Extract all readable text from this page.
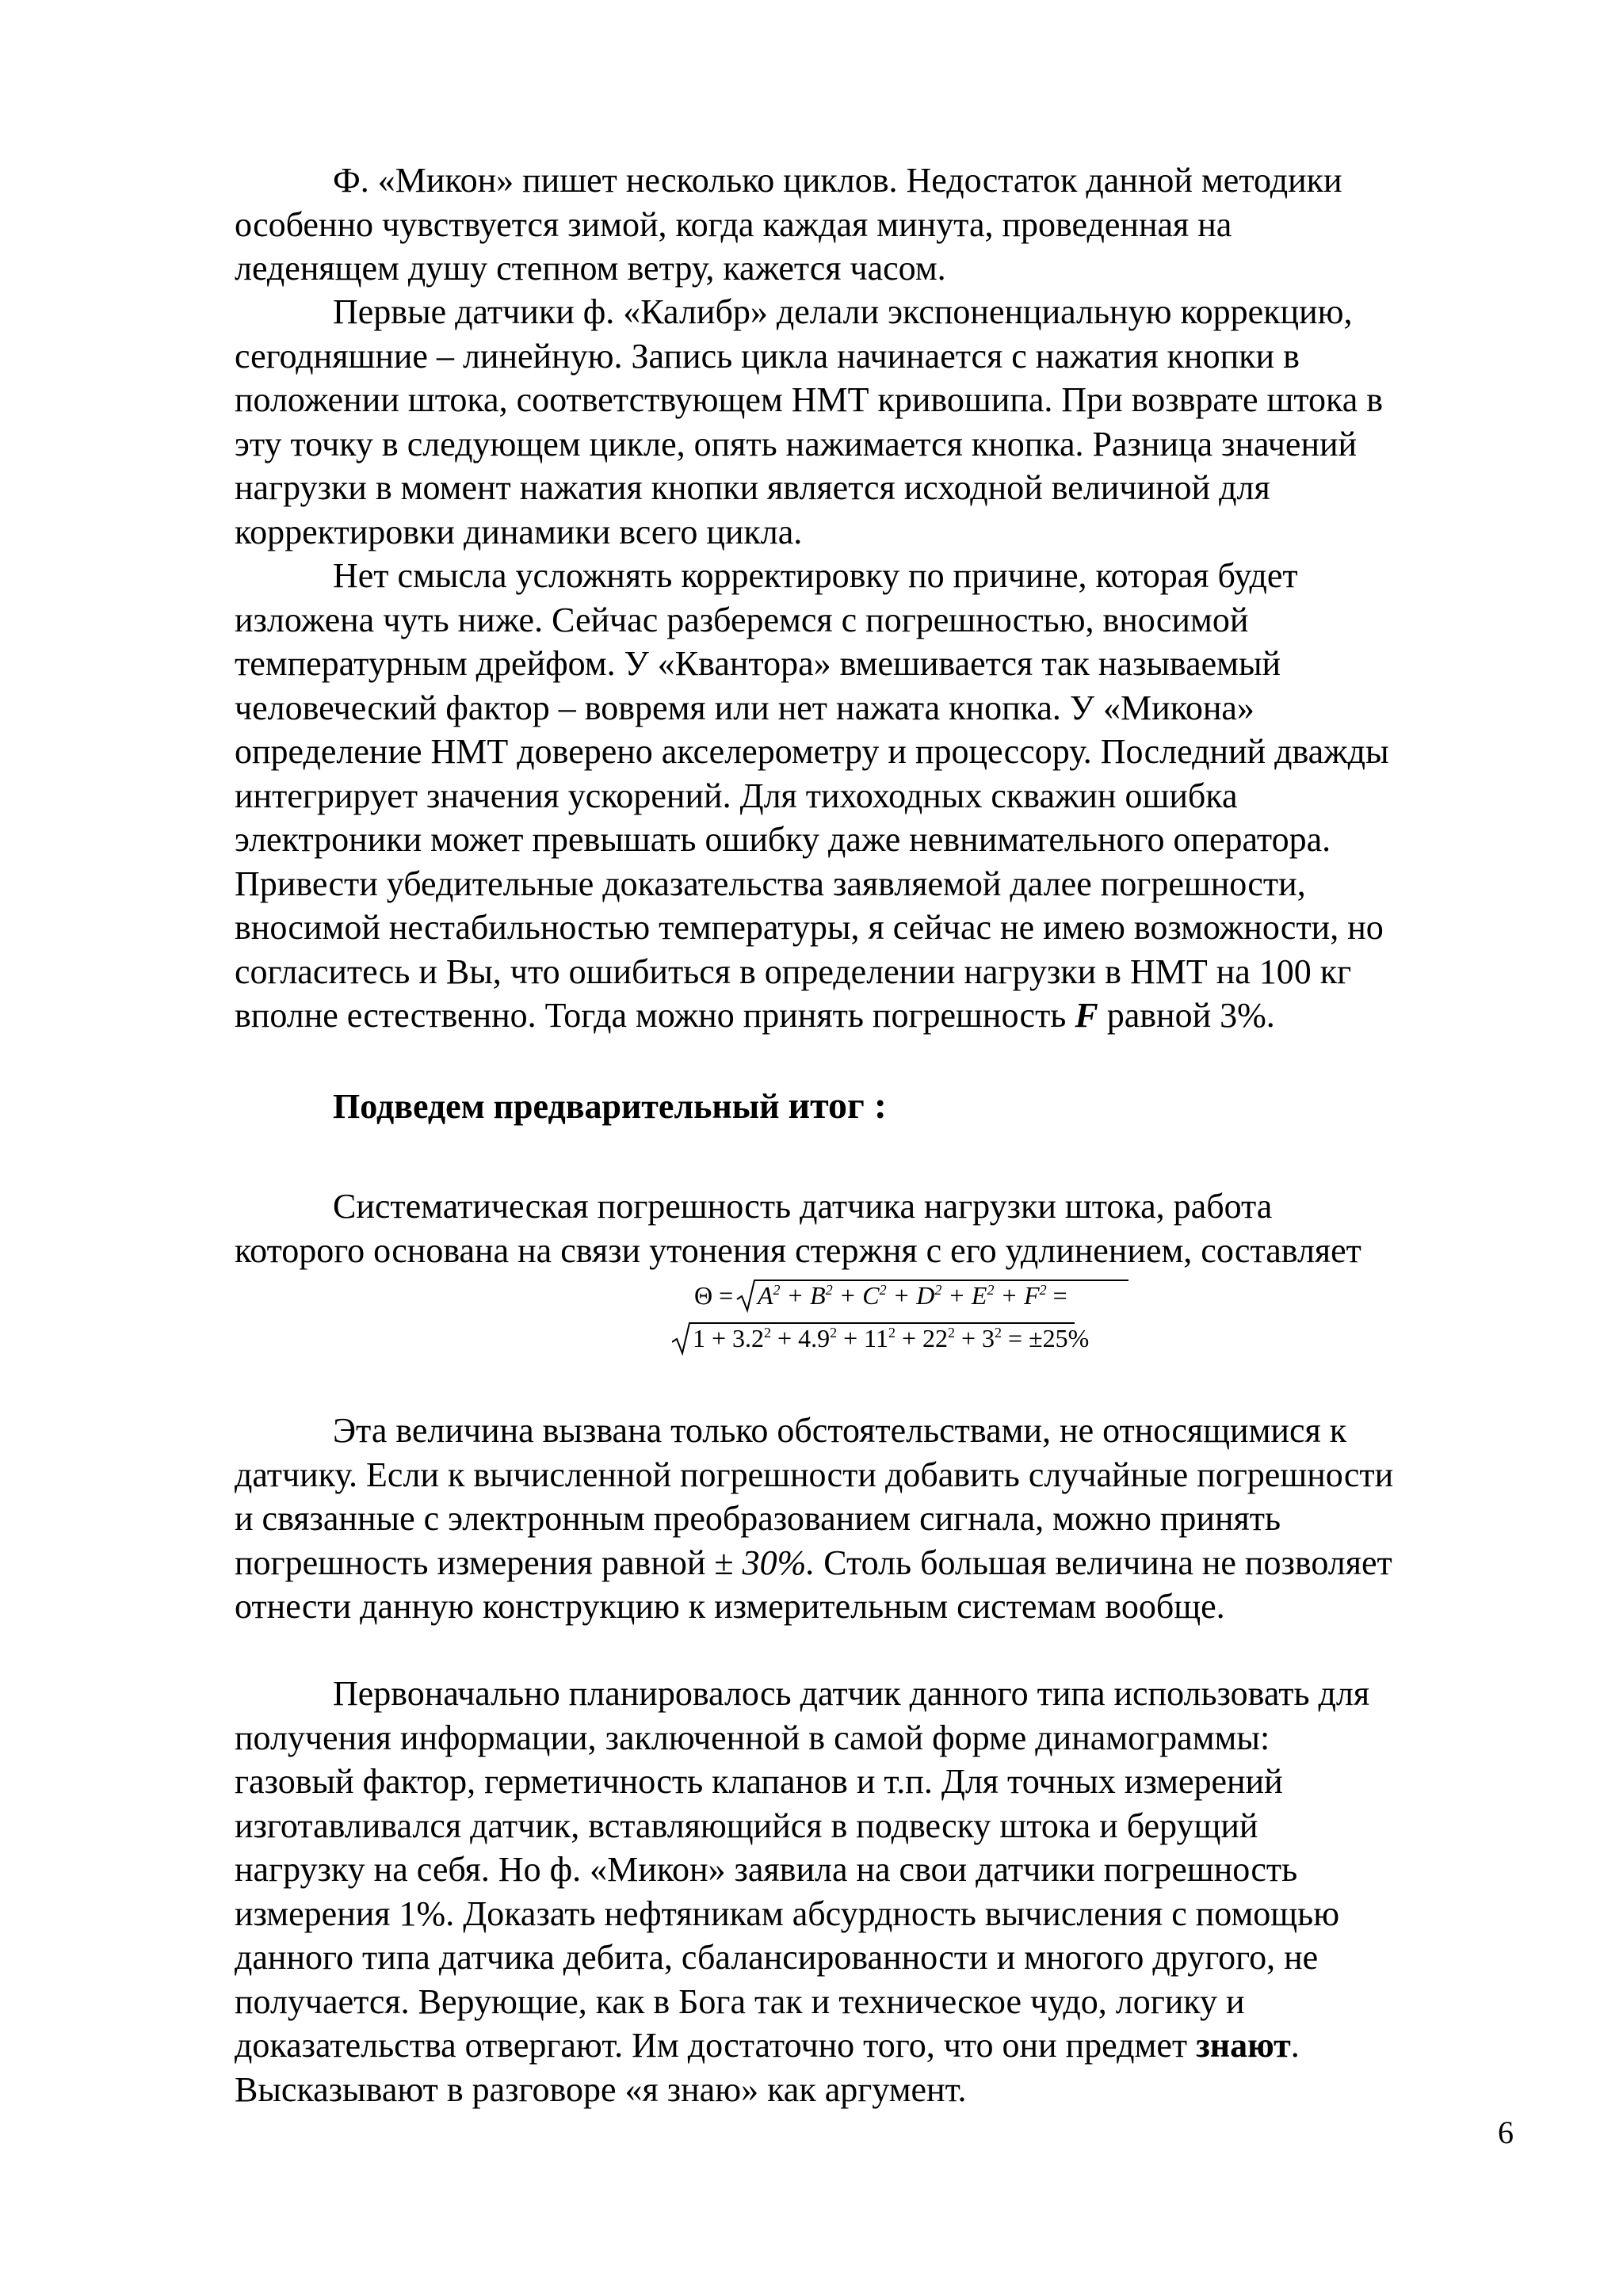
Ф. «Микон» пишет несколько циклов. Недостаток данной методики
особенно чувствуется зимой, когда каждая минута, проведенная на
леденящем душу степном ветру, кажется часом.
Первые датчики ф. «Калибр» делали экспоненциальную коррекцию,
сегодняшние – линейную. Запись цикла начинается с нажатия кнопки в
положении штока, соответствующем НМТ кривошипа. При возврате штока в
эту точку в следующем цикле, опять нажимается кнопка. Разница значений
нагрузки в момент нажатия кнопки является исходной величиной для
корректировки динамики всего цикла.
Нет смысла усложнять корректировку по причине, которая будет
изложена чуть ниже. Сейчас разберемся с погрешностью, вносимой
температурным дрейфом. У «Квантора» вмешивается так называемый
человеческий фактор – вовремя или нет нажата кнопка. У «Микона»
определение НМТ доверено акселерометру и процессору. Последний дважды
интегрирует значения ускорений. Для тихоходных скважин ошибка
электроники может превышать ошибку даже невнимательного оператора.
Привести убедительные доказательства заявляемой далее погрешности,
вносимой нестабильностью температуры, я сейчас не имею возможности, но
согласитесь и Вы, что ошибиться в определении нагрузки в НМТ на 100 кг
вполне естественно. Тогда можно принять погрешность F равной 3%.
Подведем предварительный итог :
Систематическая погрешность датчика нагрузки штока, работа
которого основана на связи утонения стержня с его удлинением, составляет
$\Theta = A^2 + B^2 + C^2 + D^2 + E^2 + F^2$ =
$1 + 3.2^2 + 4.9^2 + 11^2 + 22^2 + 3^2 = \pm 25\%$
Эта величина вызвана только обстоятельствами, не относящимися к
датчику. Если к вычисленной погрешности добавить случайные погрешности
и связанные с электронным преобразованием сигнала, можно принять
погрешность измерения равной ± 30%. Столь большая величина не позволяет
отнести данную конструкцию к измерительным системам вообще.
Первоначально планировалось датчик данного типа использовать для
получения информации, заключенной в самой форме динамограммы:
газовый фактор, герметичность клапанов и т.п. Для точных измерений
изготавливался датчик, вставляющийся в подвеску штока и берущий
нагрузку на себя. Но ф. «Микон» заявила на свои датчики погрешность
измерения 1%. Доказать нефтяникам абсурдность вычисления с помощью
данного типа датчика дебита, сбалансированности и многого другого, не
получается. Верующие, как в Бога так и техническое чудо, логику и
доказательства отвергают. Им достаточно того, что они предмет знают.
Высказывают в разговоре «я знаю» как аргумент.
6
